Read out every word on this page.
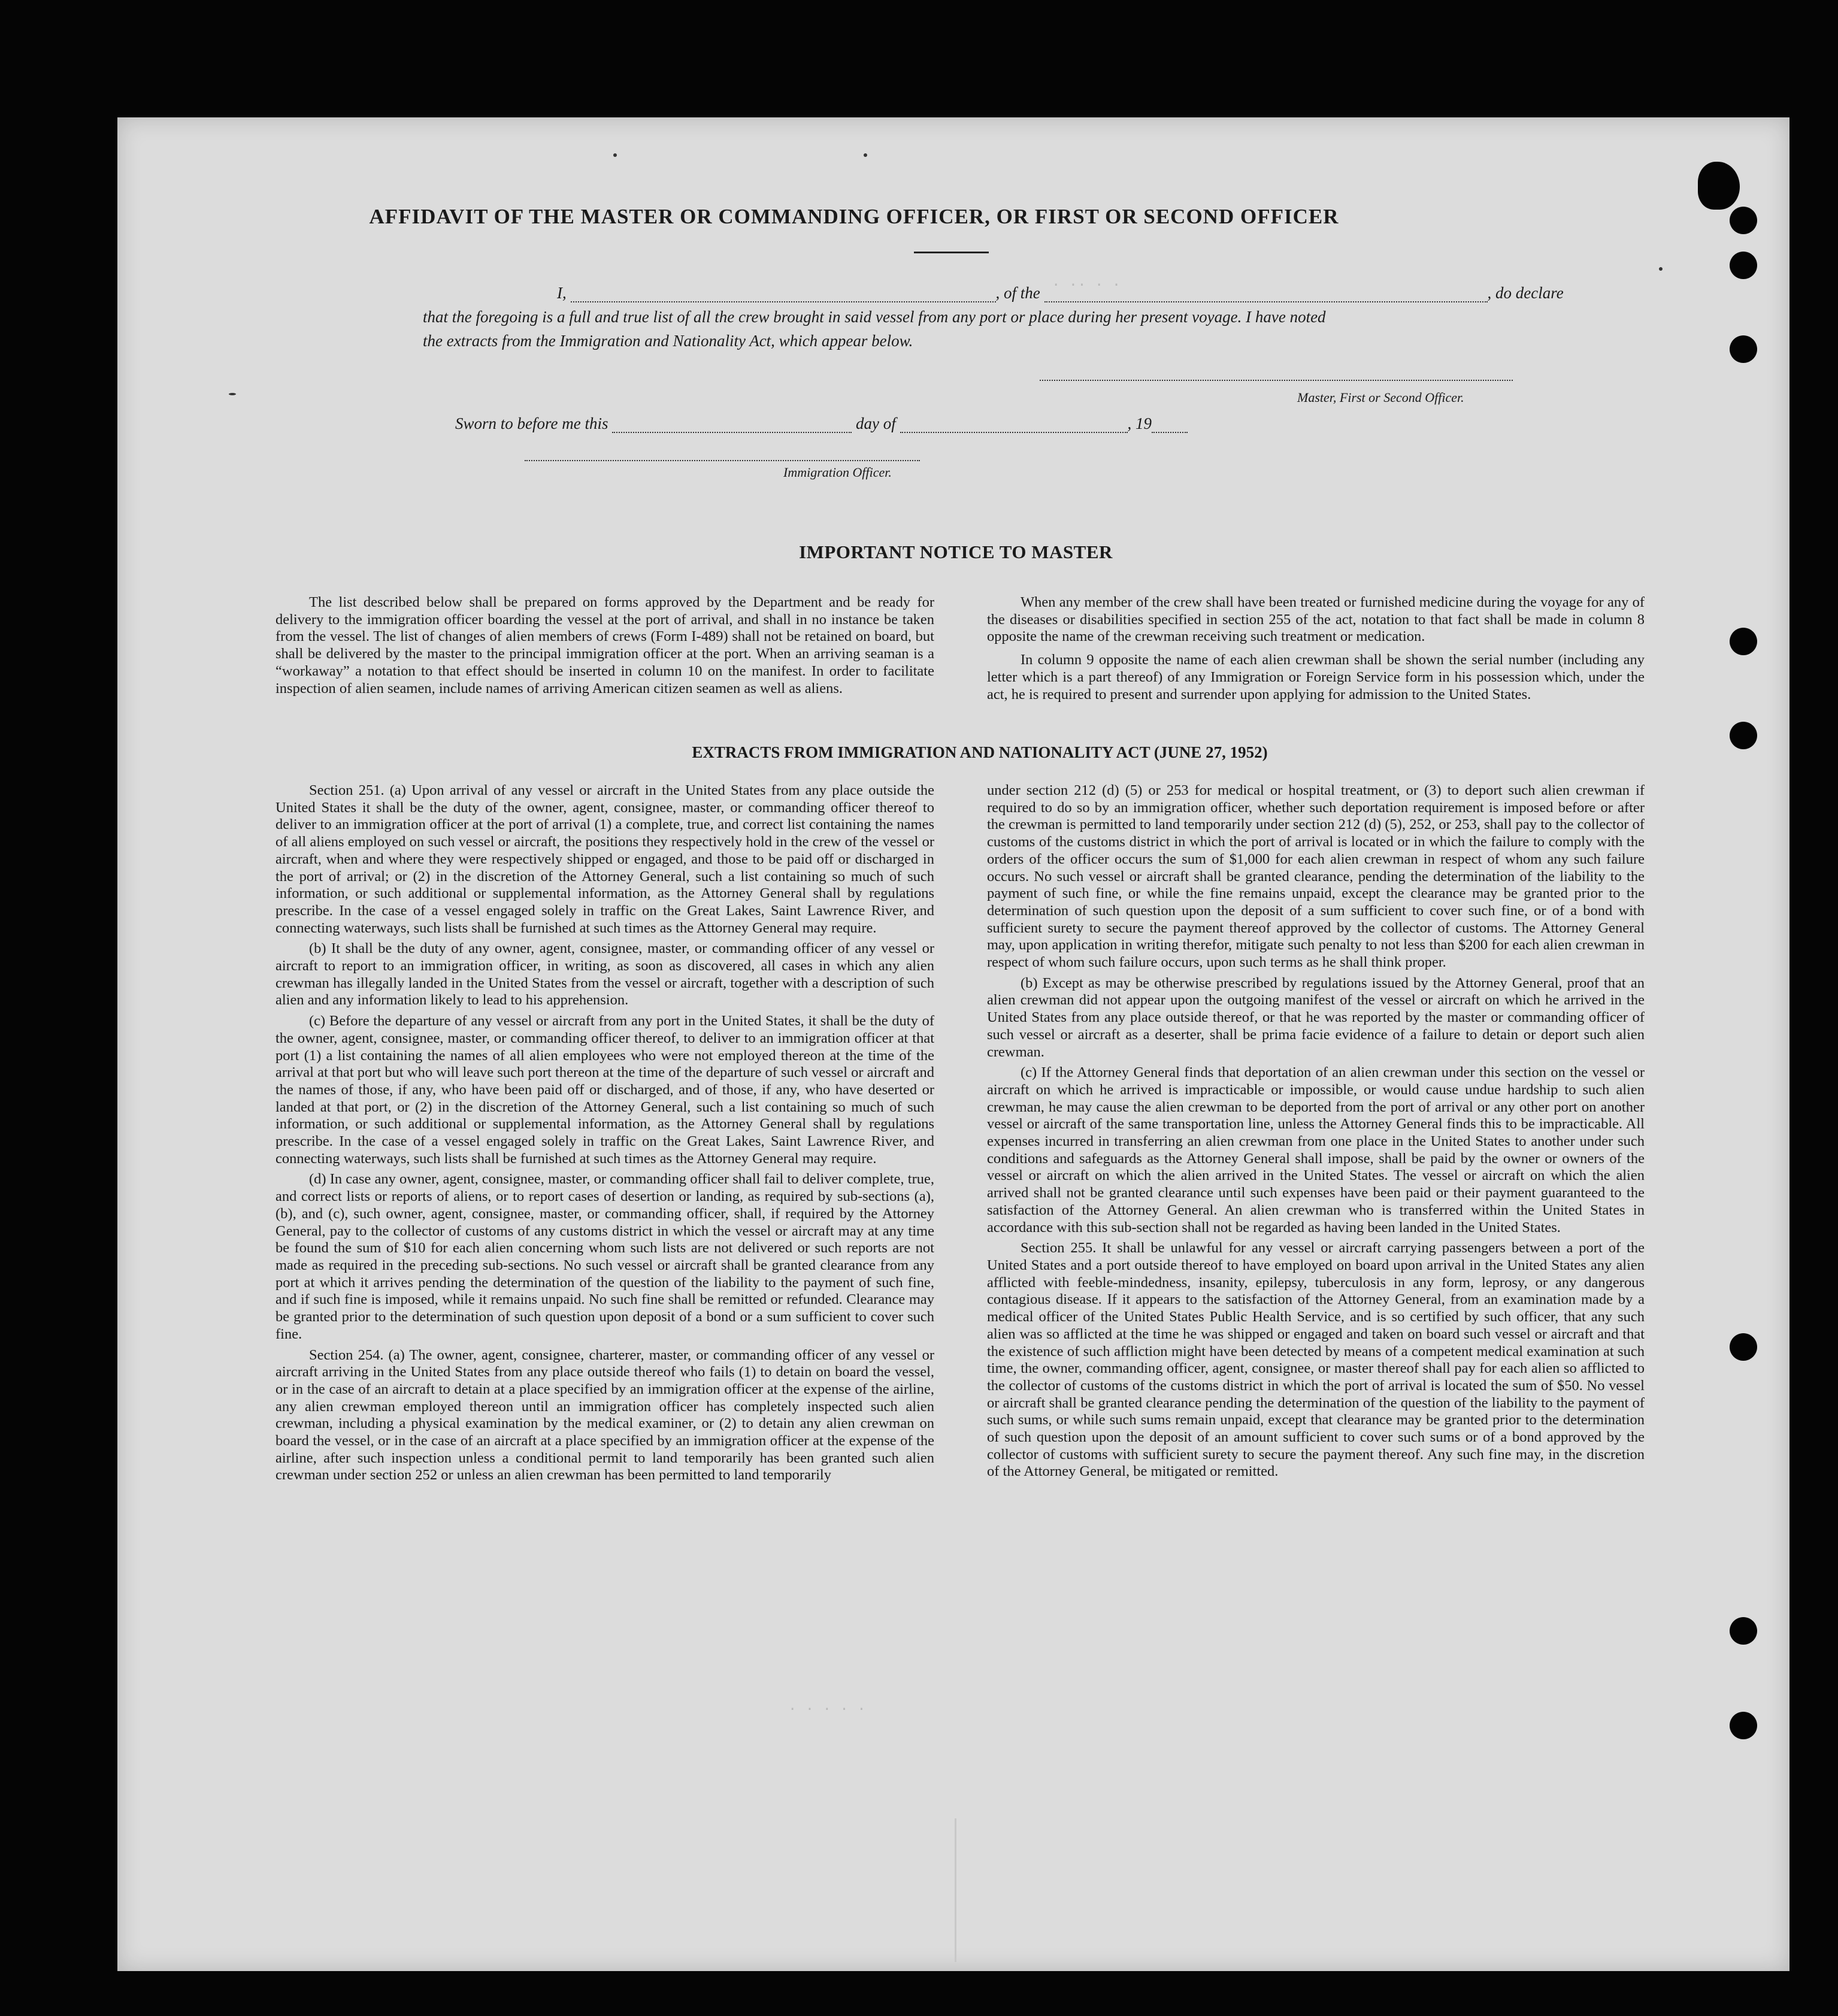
. .. . .
. . . . .
AFFIDAVIT OF THE MASTER OR COMMANDING OFFICER, OR FIRST OR SECOND OFFICER
I,	, of the	, do declare
that the foregoing is a full and true list of all the crew brought in said vessel from any port or place during her present voyage. I have noted
the extracts from the Immigration and Nationality Act, which appear below.
Master, First or Second Officer.
Sworn to before me this	day of	, 19
Immigration Officer.
IMPORTANT NOTICE TO MASTER

The list described below shall be prepared on forms approved by the Department and be ready for delivery to the immigration officer boarding the vessel at the port of arrival, and shall in no instance be taken from the vessel. The list of changes of alien members of crews (Form I-489) shall not be retained on board, but shall be delivered by the master to the principal immigration officer at the port. When an arriving seaman is a “workaway” a notation to that effect should be inserted in column 10 on the manifest. In order to facilitate inspection of alien seamen, include names of arriving American citizen seamen as well as aliens.

When any member of the crew shall have been treated or furnished medicine during the voyage for any of the diseases or disabilities specified in section 255 of the act, notation to that fact shall be made in column 8 opposite the name of the crewman receiving such treatment or medication.

In column 9 opposite the name of each alien crewman shall be shown the serial number (including any letter which is a part thereof) of any Immigration or Foreign Service form in his possession which, under the act, he is required to present and surrender upon applying for admission to the United States.

EXTRACTS FROM IMMIGRATION AND NATIONALITY ACT (JUNE 27, 1952)

Section 251. (a) Upon arrival of any vessel or aircraft in the United States from any place outside the United States it shall be the duty of the owner, agent, consignee, master, or commanding officer thereof to deliver to an immigration officer at the port of arrival (1) a complete, true, and correct list containing the names of all aliens employed on such vessel or aircraft, the positions they respectively hold in the crew of the vessel or aircraft, when and where they were respectively shipped or engaged, and those to be paid off or discharged in the port of arrival; or (2) in the discretion of the Attorney General, such a list containing so much of such information, or such additional or supplemental information, as the Attorney General shall by regulations prescribe. In the case of a vessel engaged solely in traffic on the Great Lakes, Saint Lawrence River, and connecting waterways, such lists shall be furnished at such times as the Attorney General may require.

(b) It shall be the duty of any owner, agent, consignee, master, or commanding officer of any vessel or aircraft to report to an immigration officer, in writing, as soon as discovered, all cases in which any alien crewman has illegally landed in the United States from the vessel or aircraft, together with a description of such alien and any information likely to lead to his apprehension.

(c) Before the departure of any vessel or aircraft from any port in the United States, it shall be the duty of the owner, agent, consignee, master, or commanding officer thereof, to deliver to an immigration officer at that port (1) a list containing the names of all alien employees who were not employed thereon at the time of the arrival at that port but who will leave such port thereon at the time of the departure of such vessel or aircraft and the names of those, if any, who have been paid off or discharged, and of those, if any, who have deserted or landed at that port, or (2) in the discretion of the Attorney General, such a list containing so much of such information, or such additional or supplemental information, as the Attorney General shall by regulations prescribe. In the case of a vessel engaged solely in traffic on the Great Lakes, Saint Lawrence River, and connecting waterways, such lists shall be furnished at such times as the Attorney General may require.

(d) In case any owner, agent, consignee, master, or commanding officer shall fail to deliver complete, true, and correct lists or reports of aliens, or to report cases of desertion or landing, as required by sub-sections (a), (b), and (c), such owner, agent, consignee, master, or commanding officer, shall, if required by the Attorney General, pay to the collector of customs of any customs district in which the vessel or aircraft may at any time be found the sum of $10 for each alien concerning whom such lists are not delivered or such reports are not made as required in the preceding sub-sections. No such vessel or aircraft shall be granted clearance from any port at which it arrives pending the determination of the question of the liability to the payment of such fine, and if such fine is imposed, while it remains unpaid. No such fine shall be remitted or refunded. Clearance may be granted prior to the determination of such question upon deposit of a bond or a sum sufficient to cover such fine.

Section 254. (a) The owner, agent, consignee, charterer, master, or commanding officer of any vessel or aircraft arriving in the United States from any place outside thereof who fails (1) to detain on board the vessel, or in the case of an aircraft to detain at a place specified by an immigration officer at the expense of the airline, any alien crewman employed thereon until an immigration officer has completely inspected such alien crewman, including a physical examination by the medical examiner, or (2) to detain any alien crewman on board the vessel, or in the case of an aircraft at a place specified by an immigration officer at the expense of the airline, after such inspection unless a conditional permit to land temporarily has been granted such alien crewman under section 252 or unless an alien crewman has been permitted to land temporarily

under section 212 (d) (5) or 253 for medical or hospital treatment, or (3) to deport such alien crewman if required to do so by an immigration officer, whether such deportation requirement is imposed before or after the crewman is permitted to land temporarily under section 212 (d) (5), 252, or 253, shall pay to the collector of customs of the customs district in which the port of arrival is located or in which the failure to comply with the orders of the officer occurs the sum of $1,000 for each alien crewman in respect of whom any such failure occurs. No such vessel or aircraft shall be granted clearance, pending the determination of the liability to the payment of such fine, or while the fine remains unpaid, except the clearance may be granted prior to the determination of such question upon the deposit of a sum sufficient to cover such fine, or of a bond with sufficient surety to secure the payment thereof approved by the collector of customs. The Attorney General may, upon application in writing therefor, mitigate such penalty to not less than $200 for each alien crewman in respect of whom such failure occurs, upon such terms as he shall think proper.

(b) Except as may be otherwise prescribed by regulations issued by the Attorney General, proof that an alien crewman did not appear upon the outgoing manifest of the vessel or aircraft on which he arrived in the United States from any place outside thereof, or that he was reported by the master or commanding officer of such vessel or aircraft as a deserter, shall be prima facie evidence of a failure to detain or deport such alien crewman.

(c) If the Attorney General finds that deportation of an alien crewman under this section on the vessel or aircraft on which he arrived is impracticable or impossible, or would cause undue hardship to such alien crewman, he may cause the alien crewman to be deported from the port of arrival or any other port on another vessel or aircraft of the same transportation line, unless the Attorney General finds this to be impracticable. All expenses incurred in transferring an alien crewman from one place in the United States to another under such conditions and safeguards as the Attorney General shall impose, shall be paid by the owner or owners of the vessel or aircraft on which the alien arrived in the United States. The vessel or aircraft on which the alien arrived shall not be granted clearance until such expenses have been paid or their payment guaranteed to the satisfaction of the Attorney General. An alien crewman who is transferred within the United States in accordance with this sub-section shall not be regarded as having been landed in the United States.

Section 255. It shall be unlawful for any vessel or aircraft carrying passengers between a port of the United States and a port outside thereof to have employed on board upon arrival in the United States any alien afflicted with feeble-mindedness, insanity, epilepsy, tuberculosis in any form, leprosy, or any dangerous contagious disease. If it appears to the satisfaction of the Attorney General, from an examination made by a medical officer of the United States Public Health Service, and is so certified by such officer, that any such alien was so afflicted at the time he was shipped or engaged and taken on board such vessel or aircraft and that the existence of such affliction might have been detected by means of a competent medical examination at such time, the owner, commanding officer, agent, consignee, or master thereof shall pay for each alien so afflicted to the collector of customs of the customs district in which the port of arrival is located the sum of $50. No vessel or aircraft shall be granted clearance pending the determination of the question of the liability to the payment of such sums, or while such sums remain unpaid, except that clearance may be granted prior to the determination of such question upon the deposit of an amount sufficient to cover such sums or of a bond approved by the collector of customs with sufficient surety to secure the payment thereof. Any such fine may, in the discretion of the Attorney General, be mitigated or remitted.
